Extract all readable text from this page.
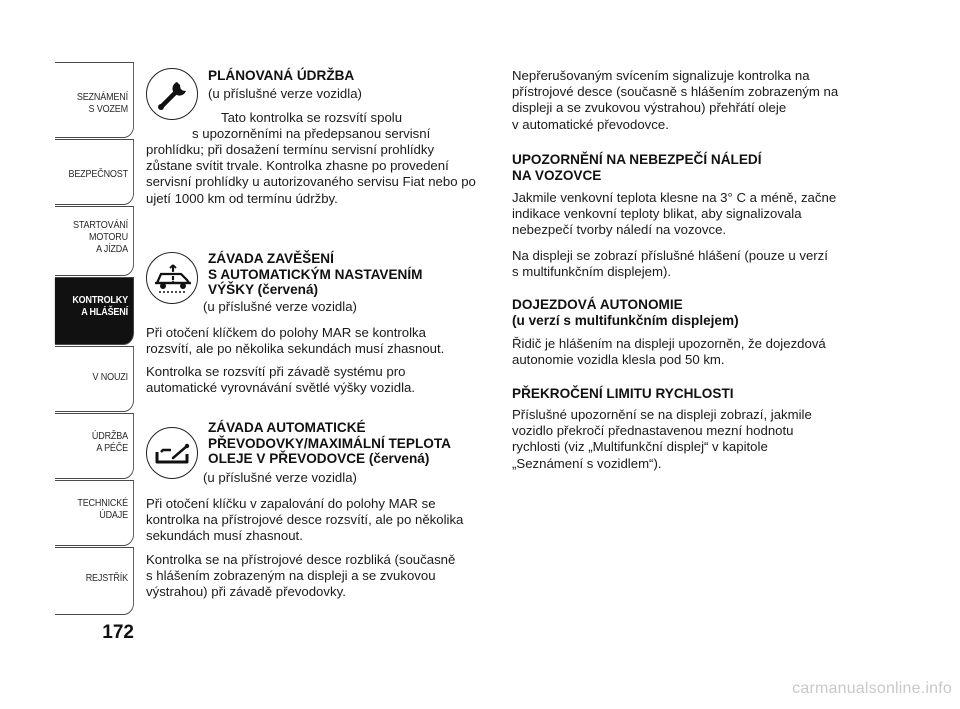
SEZNÁMENÍ
S VOZEM
BEZPEČNOST
STARTOVÁNÍ
MOTORU
A JÍZDA
KONTROLKY
A HLÁŠENÍ
V NOUZI
ÚDRŽBA
A PÉČE
TECHNICKÉ
ÚDAJE
REJSTŘÍK
172
PLÁNOVANÁ ÚDRŽBA
(u příslušné verze vozidla)
Tato kontrolka se rozsvítí spolu
s upozorněními na předepsanou servisní
prohlídku; při dosažení termínu servisní prohlídky
zůstane svítit trvale. Kontrolka zhasne po provedení
servisní prohlídky u autorizovaného servisu Fiat nebo po
ujetí 1000 km od termínu údržby.
ZÁVADA ZAVĚŠENÍ
S AUTOMATICKÝM NASTAVENÍM
VÝŠKY (červená)
(u příslušné verze vozidla)
Při otočení klíčkem do polohy MAR se kontrolka
rozsvítí, ale po několika sekundách musí zhasnout.
Kontrolka se rozsvítí při závadě systému pro
automatické vyrovnávání světlé výšky vozidla.
ZÁVADA AUTOMATICKÉ
PŘEVODOVKY/MAXIMÁLNÍ TEPLOTA
OLEJE V PŘEVODOVCE (červená)
(u příslušné verze vozidla)
Při otočení klíčku v zapalování do polohy MAR se
kontrolka na přístrojové desce rozsvítí, ale po několika
sekundách musí zhasnout.
Kontrolka se na přístrojové desce rozbliká (současně
s hlášením zobrazeným na displeji a se zvukovou
výstrahou) při závadě převodovky.
Nepřerušovaným svícením signalizuje kontrolka na
přístrojové desce (současně s hlášením zobrazeným na
displeji a se zvukovou výstrahou) přehřátí oleje
v automatické převodovce.
UPOZORNĚNÍ NA NEBEZPEČÍ NÁLEDÍ
NA VOZOVCE
Jakmile venkovní teplota klesne na 3° C a méně, začne
indikace venkovní teploty blikat, aby signalizovala
nebezpečí tvorby náledí na vozovce.
Na displeji se zobrazí příslušné hlášení (pouze u verzí
s multifunkčním displejem).
DOJEZDOVÁ AUTONOMIE
(u verzí s multifunkčním displejem)
Řidič je hlášením na displeji upozorněn, že dojezdová
autonomie vozidla klesla pod 50 km.
PŘEKROČENÍ LIMITU RYCHLOSTI
Příslušné upozornění se na displeji zobrazí, jakmile
vozidlo překročí přednastavenou mezní hodnotu
rychlosti (viz „Multifunkční displej“ v kapitole
„Seznámení s vozidlem“).
carmanualsonline.info
